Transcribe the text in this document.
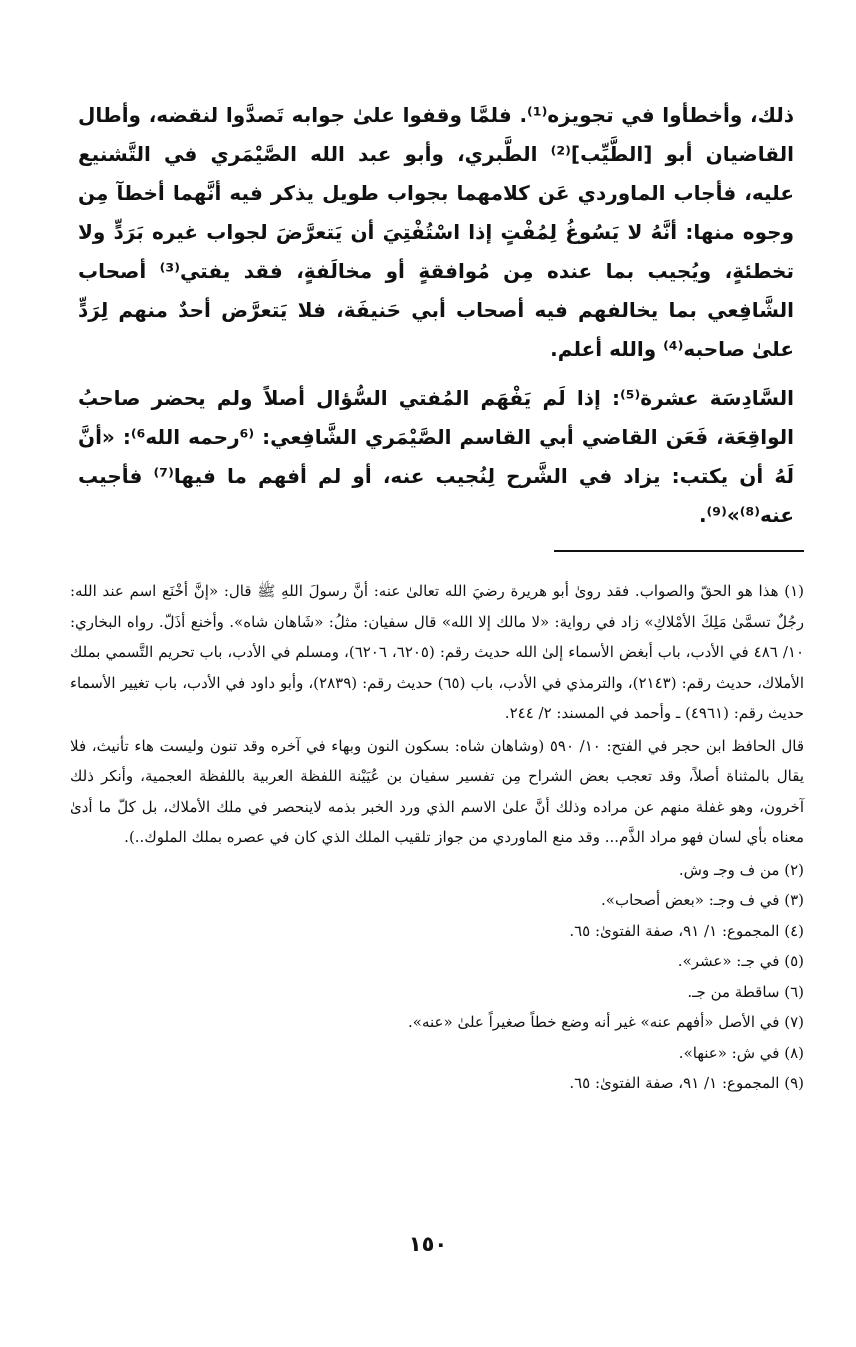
ذلك، وأخطأوا في تجويزه⁽¹⁾. فلمَّا وقفوا علىٰ جوابه تَصدَّوا لنقضه، وأطال القاضيان أبو [الطَّيِّب]⁽²⁾ الطَّبري، وأبو عبد الله الصَّيْمَري في التَّشنيع عليه، فأجاب الماوردي عَن كلامهما بجواب طويل يذكر فيه أنَّهما أخطآ مِن وجوه منها: أنَّهُ لا يَسُوغُ لِمُفْتٍ إذا اسْتُفْتِيَ أن يَتعرَّضَ لجواب غيره بَرَدٍّ ولا تخطئةٍ، ويُجيب بما عنده مِن مُوافقةٍ أو مخالَفةٍ، فقد يفتي⁽³⁾ أصحاب الشَّافِعي بما يخالفهم فيه أصحاب أبي حَنيفَة، فلا يَتعرَّض أحدٌ منهم لِرَدٍّ علىٰ صاحبه⁽⁴⁾ والله أعلم.

السَّادِسَة عشرة⁽⁵⁾: إذا لَم يَفْهَم المُفتي السُّؤال أصلاً ولم يحضر صاحبُ الواقِعَة، فَعَن القاضي أبي القاسم الصَّيْمَري الشَّافِعي: ⁽⁶رحمه الله⁶⁾: «أنَّ لَهُ أن يكتب: يزاد في الشَّرح لِنُجيب عنه، أو لم أفهم ما فيها⁽⁷⁾ فأجيب عنه⁽⁸⁾»⁽⁹⁾.

(١) هذا هو الحقّ والصواب. فقد روىٰ أبو هريرة رضيَ الله تعالىٰ عنه: أنَّ رسولَ اللهِ ﷺ قال: «إنَّ أخْنَع اسم عند الله: رجُلٌ تسمَّىٰ مَلِكَ الأمْلاكِ» زاد في رواية: «لا مالك إلا الله» قال سفيان: مثلُ: «شَاهان شاه». وأخنع أذَلّ. رواه البخاري: ١٠/ ٤٨٦ في الأدب، باب أبغض الأسماء إلىٰ الله حديث رقم: (٦٢٠٥، ٦٢٠٦)، ومسلم في الأدب، باب تحريم التَّسمي بملك الأملاك، حديث رقم: (٢١٤٣)، والترمذي في الأدب، باب (٦٥) حديث رقم: (٢٨٣٩)، وأبو داود في الأدب، باب تغيير الأسماء حديث رقم: (٤٩٦١) ـ وأحمد في المسند: ٢/ ٢٤٤.

قال الحافظ ابن حجر في الفتح: ١٠/ ٥٩٠ (وشاهان شاه: بسكون النون وبهاء في آخره وقد تنون وليست هاء تأنيث، فلا يقال بالمثناة أصلاً، وقد تعجب بعض الشراح مِن تفسير سفيان بن عُيَيْنة اللفظة العربية باللفظة العجمية، وأنكر ذلك آخرون، وهو غفلة منهم عن مراده وذلك أنَّ علىٰ الاسم الذي ورد الخبر بذمه لاينحصر في ملك الأملاك، بل كلّ ما أدىٰ معناه بأي لسان فهو مراد الذَّم... وقد منع الماوردي من جواز تلقيب الملك الذي كان في عصره بملك الملوك..).

(٢) من ف وجـ وش.

(٣) في ف وجـ: «بعض أصحاب».

(٤) المجموع: ١/ ٩١، صفة الفتوىٰ: ٦٥.

(٥) في جـ: «عشر».

(٦) ساقطة من جـ.

(٧) في الأصل «أفهم عنه» غير أنه وضع خطاً صغيراً علىٰ «عنه».

(٨) في ش: «عنها».

(٩) المجموع: ١/ ٩١، صفة الفتوىٰ: ٦٥.

١٥٠
